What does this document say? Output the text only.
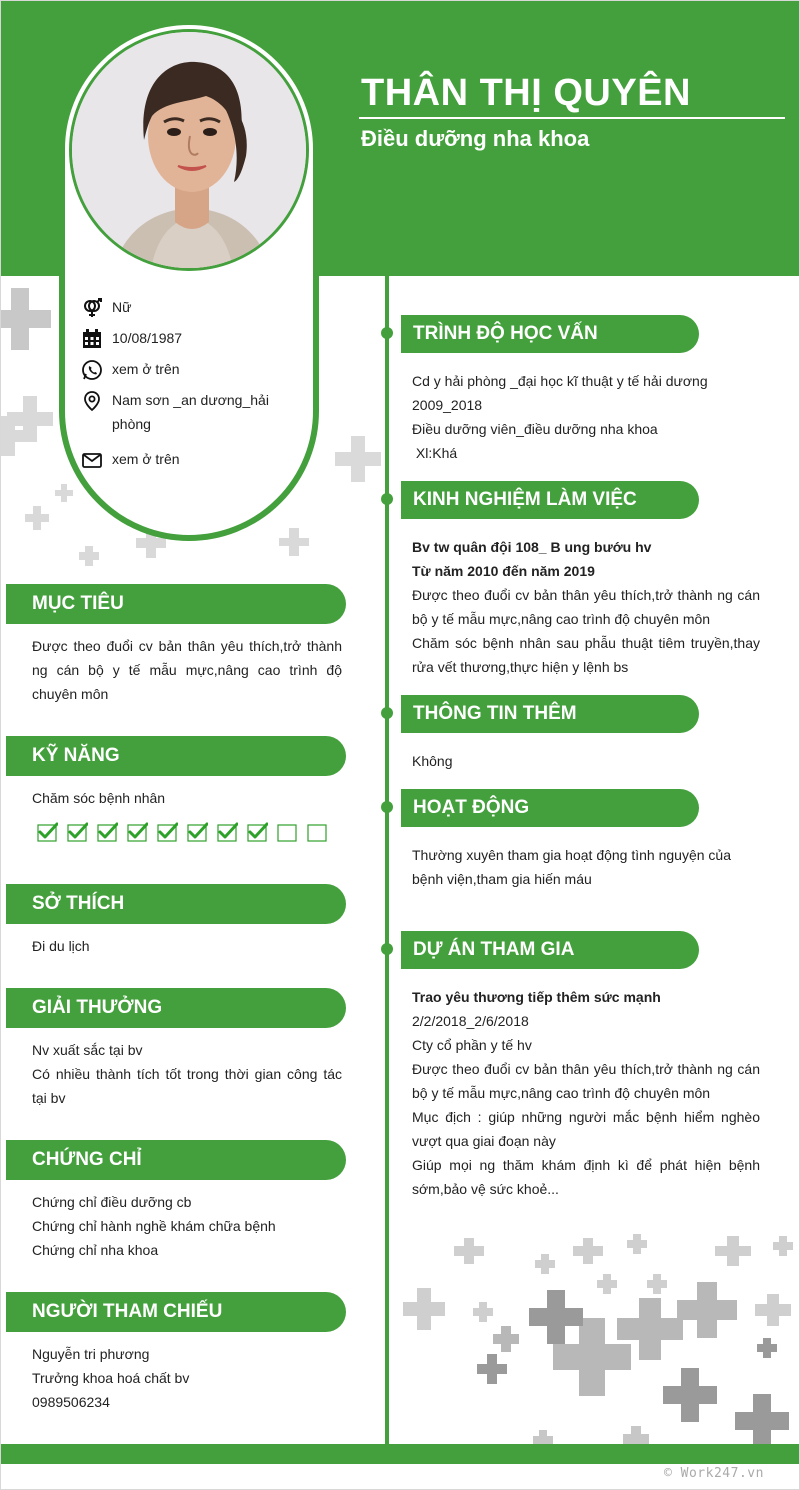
THÂN THỊ QUYÊN
Điều dưỡng nha khoa
Nữ
10/08/1987
xem ở trên
Nam sơn _an dương_hải phòng
xem ở trên
MỤC TIÊU
Được theo đuổi cv bản thân yêu thích,trở thành ng cán bộ y tế mẫu mực,nâng cao trình độ chuyên môn
KỸ NĂNG
Chăm sóc bệnh nhân
SỞ THÍCH
Đi du lịch
GIẢI THƯỞNG
Nv xuất sắc tại bv
Có nhiều thành tích tốt trong thời gian công tác tại bv
CHỨNG CHỈ
Chứng chỉ điều dưỡng cb
Chứng chỉ hành nghề khám chữa bệnh
Chứng chỉ nha khoa
NGƯỜI THAM CHIẾU
Nguyễn tri phương
Trưởng khoa hoá chất bv
0989506234
TRÌNH ĐỘ HỌC VẤN
Cd y hải phòng _đại học kĩ thuật y tế hải dương
2009_2018
Điều dưỡng viên_điều dưỡng nha khoa
Xl:Khá
KINH NGHIỆM LÀM VIỆC
Bv tw quân đội 108_ B ung bướu hv
Từ năm 2010 đến năm 2019
Được theo đuổi cv bản thân yêu thích,trở thành ng cán bộ y tế mẫu mực,nâng cao trình độ chuyên môn
Chăm sóc bệnh nhân sau phẫu thuật tiêm truyền,thay rửa vết thương,thực hiện y lệnh bs
THÔNG TIN THÊM
Không
HOẠT ĐỘNG
Thường xuyên tham gia hoạt động tình nguyện của bệnh viện,tham gia hiến máu
DỰ ÁN THAM GIA
Trao yêu thương tiếp thêm sức mạnh
2/2/2018_2/6/2018
Cty cổ phần y tế hv
Được theo đuổi cv bản thân yêu thích,trở thành ng cán bộ y tế mẫu mực,nâng cao trình độ chuyên môn
Mục địch : giúp những người mắc bệnh hiểm nghèo vượt qua giai đoạn này
Giúp mọi ng thăm khám định kì để phát hiện bệnh sớm,bảo vệ sức khoẻ...
© Work247.vn
